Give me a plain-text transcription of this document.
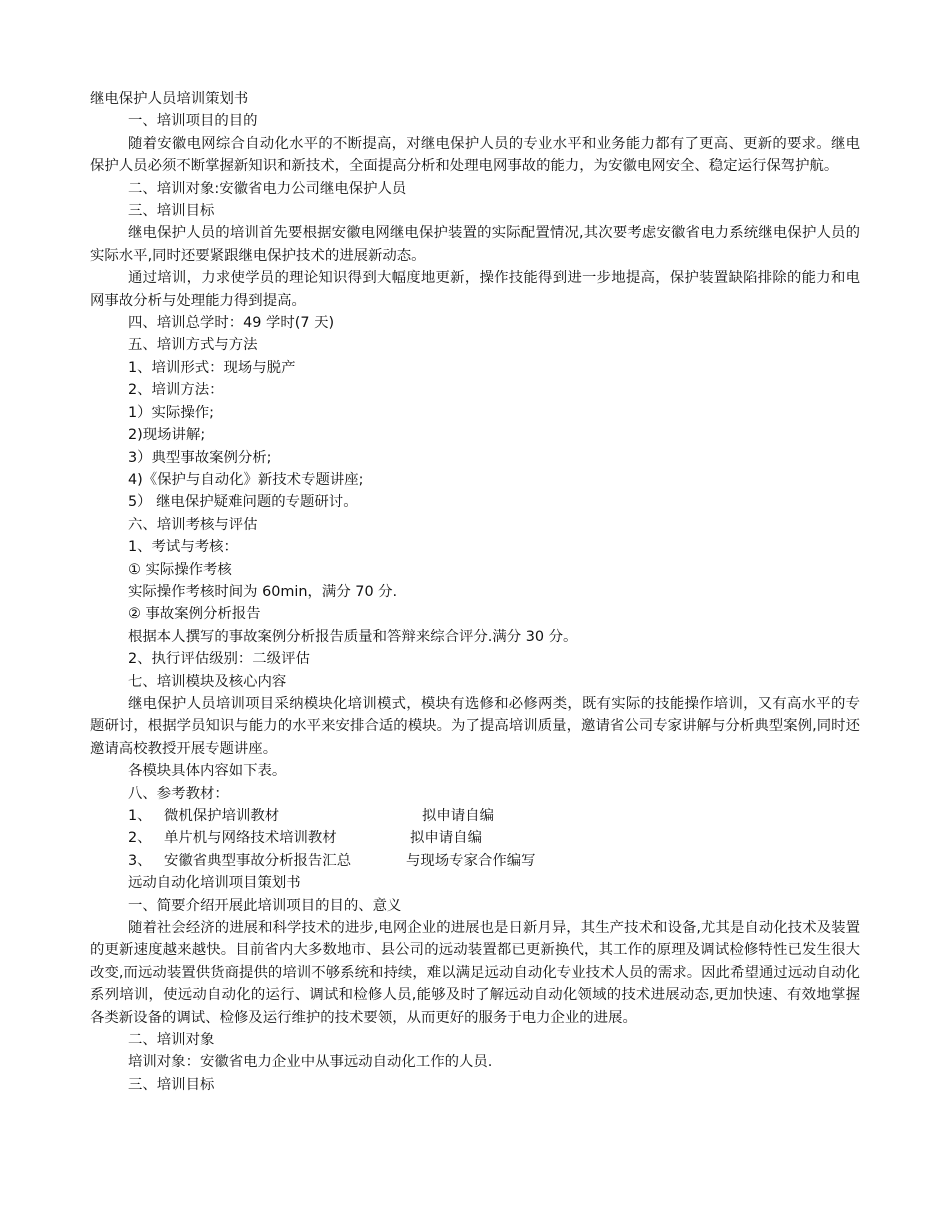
继电保护人员培训策划书
一、培训项目的目的
随着安徽电网综合自动化水平的不断提高，对继电保护人员的专业水平和业务能力都有了更高、更新的要求。继电保护人员必须不断掌握新知识和新技术，全面提高分析和处理电网事故的能力，为安徽电网安全、稳定运行保驾护航。
二、培训对象:安徽省电力公司继电保护人员
三、培训目标
继电保护人员的培训首先要根据安徽电网继电保护装置的实际配置情况,其次要考虑安徽省电力系统继电保护人员的实际水平,同时还要紧跟继电保护技术的进展新动态。
通过培训，力求使学员的理论知识得到大幅度地更新，操作技能得到进一步地提高，保护装置缺陷排除的能力和电网事故分析与处理能力得到提高。
四、培训总学时：49 学时(7 天)
五、培训方式与方法
1、培训形式：现场与脱产
2、培训方法：
1）实际操作;
2)现场讲解;
3）典型事故案例分析;
4)《保护与自动化》新技术专题讲座;
5） 继电保护疑难问题的专题研讨。
六、培训考核与评估
1、考试与考核：
① 实际操作考核
实际操作考核时间为 60min，满分 70 分.
② 事故案例分析报告
根据本人撰写的事故案例分析报告质量和答辩来综合评分.满分 30 分。
2、执行评估级别：二级评估
七、培训模块及核心内容
继电保护人员培训项目采纳模块化培训模式，模块有选修和必修两类，既有实际的技能操作培训，又有高水平的专题研讨，根据学员知识与能力的水平来安排合适的模块。为了提高培训质量，邀请省公司专家讲解与分析典型案例,同时还邀请高校教授开展专题讲座。
各模块具体内容如下表。
八、参考教材：
1、 微机保护培训教材	拟申请自编
2、 单片机与网络技术培训教材	拟申请自编
3、 安徽省典型事故分析报告汇总	与现场专家合作编写
远动自动化培训项目策划书
一、简要介绍开展此培训项目的目的、意义
随着社会经济的进展和科学技术的进步,电网企业的进展也是日新月异，其生产技术和设备,尤其是自动化技术及装置的更新速度越来越快。目前省内大多数地市、县公司的远动装置都已更新换代，其工作的原理及调试检修特性已发生很大改变,而远动装置供货商提供的培训不够系统和持续，难以满足远动自动化专业技术人员的需求。因此希望通过远动自动化系列培训，使远动自动化的运行、调试和检修人员,能够及时了解远动自动化领域的技术进展动态,更加快速、有效地掌握各类新设备的调试、检修及运行维护的技术要领，从而更好的服务于电力企业的进展。
二、培训对象
培训对象：安徽省电力企业中从事远动自动化工作的人员.
三、培训目标
